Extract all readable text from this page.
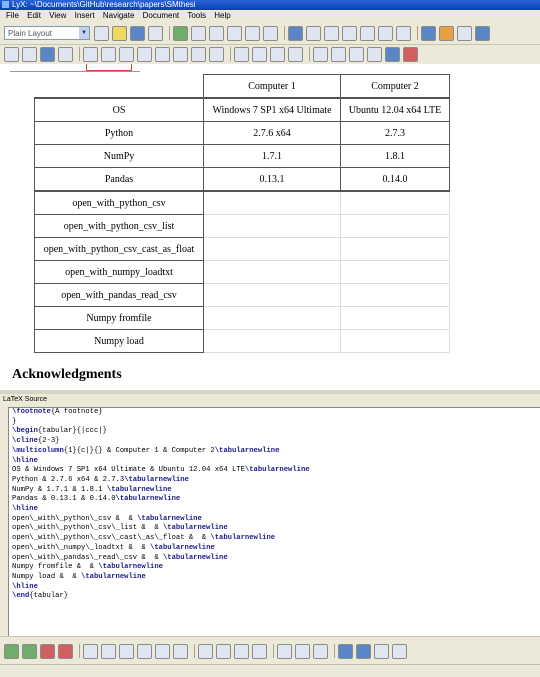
LyX: ~\Documents\GitHub\research\papers\SMthesi
File Edit View Insert Navigate Document Tools Help
Plain Layout	▼
	Computer 1	Computer 2
OS	Windows 7 SP1 x64 Ultimate	Ubuntu 12.04 x64 LTE
Python	2.7.6 x64	2.7.3
NumPy	1.7.1	1.8.1
Pandas	0.13.1	0.14.0
open_with_python_csv		
open_with_python_csv_list		
open_with_python_csv_cast_as_float		
open_with_numpy_loadtxt		
open_with_pandas_read_csv		
Numpy fromfile		
Numpy load		
Acknowledgments
LaTeX Source
\footnote{A footnote}
}
\begin{tabular}{|ccc|}
\cline{2-3}
\multicolumn{1}{c|}{} & Computer 1 & Computer 2\tabularnewline
\hline
OS & Windows 7 SP1 x64 Ultimate & Ubuntu 12.04 x64 LTE\tabularnewline
Python & 2.7.6 x64 & 2.7.3\tabularnewline
NumPy & 1.7.1 & 1.8.1 \tabularnewline
Pandas & 0.13.1 & 0.14.0\tabularnewline
\hline
open\_with\_python\_csv &  & \tabularnewline
open\_with\_python\_csv\_list &  & \tabularnewline
open\_with\_python\_csv\_cast\_as\_float &  & \tabularnewline
open\_with\_numpy\_loadtxt &  & \tabularnewline
open\_with\_pandas\_read\_csv &  & \tabularnewline
Numpy fromfile &  & \tabularnewline
Numpy load &  & \tabularnewline
\hline
\end{tabular}
